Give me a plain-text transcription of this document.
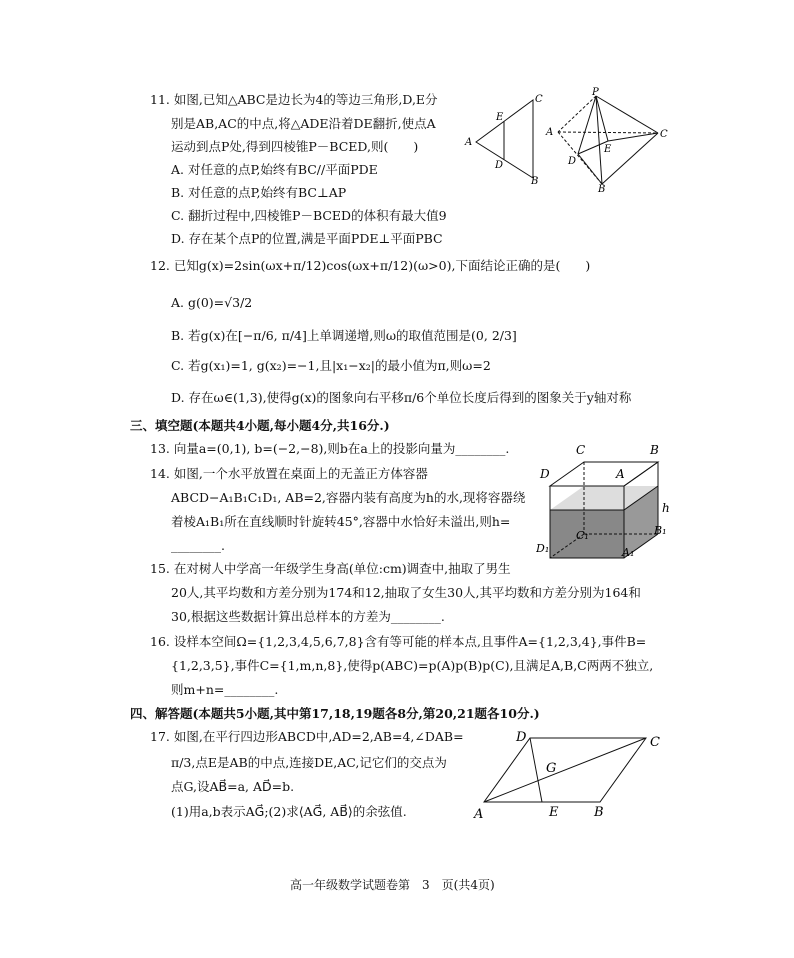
11. 如图,已知△ABC是边长为4的等边三角形,D,E分
别是AB,AC的中点,将△ADE沿着DE翻折,使点A
运动到点P处,得到四棱锥P－BCED,则(　　)
A. 对任意的点P,始终有BC//平面PDE
B. 对任意的点P,始终有BC⊥AP
C. 翻折过程中,四棱锥P－BCED的体积有最大值9
D. 存在某个点P的位置,满是平面PDE⊥平面PBC
C
E
A
D
B
P
A	C
E
D
B
12. 已知g(x)=2sin(ωx+π/12)cos(ωx+π/12)(ω>0),下面结论正确的是(　　)
A. g(0)=√3/2
B. 若g(x)在[−π/6, π/4]上单调递增,则ω的取值范围是(0, 2/3]
C. 若g(x₁)=1, g(x₂)=−1,且|x₁−x₂|的最小值为π,则ω=2
D. 存在ω∈(1,3),使得g(x)的图象向右平移π/6个单位长度后得到的图象关于y轴对称
三、填空题(本题共4小题,每小题4分,共16分.)
13. 向量a=(0,1), b=(−2,−8),则b在a上的投影向量为________.
14. 如图,一个水平放置在桌面上的无盖正方体容器
ABCD−A₁B₁C₁D₁, AB=2,容器内装有高度为h的水,现将容器绕
着棱A₁B₁所在直线顺时针旋转45°,容器中水恰好未溢出,则h=
________.
C	B
D	A
h
B₁
C₁
D₁	A₁
15. 在对树人中学高一年级学生身高(单位:cm)调查中,抽取了男生
20人,其平均数和方差分别为174和12,抽取了女生30人,其平均数和方差分别为164和
30,根据这些数据计算出总样本的方差为________.
16. 设样本空间Ω={1,2,3,4,5,6,7,8}含有等可能的样本点,且事件A={1,2,3,4},事件B=
{1,2,3,5},事件C={1,m,n,8},使得p(ABC)=p(A)p(B)p(C),且满足A,B,C两两不独立,
则m+n=________.
四、解答题(本题共5小题,其中第17,18,19题各8分,第20,21题各10分.)
17. 如图,在平行四边形ABCD中,AD=2,AB=4,∠DAB=
π/3,点E是AB的中点,连接DE,AC,记它们的交点为
点G,设AB⃗=a, AD⃗=b.
(1)用a,b表示AG⃗;(2)求⟨AG⃗, AB⃗⟩的余弦值.
D	C
G
A	E	B
高一年级数学试题卷第　3　页(共4页)
